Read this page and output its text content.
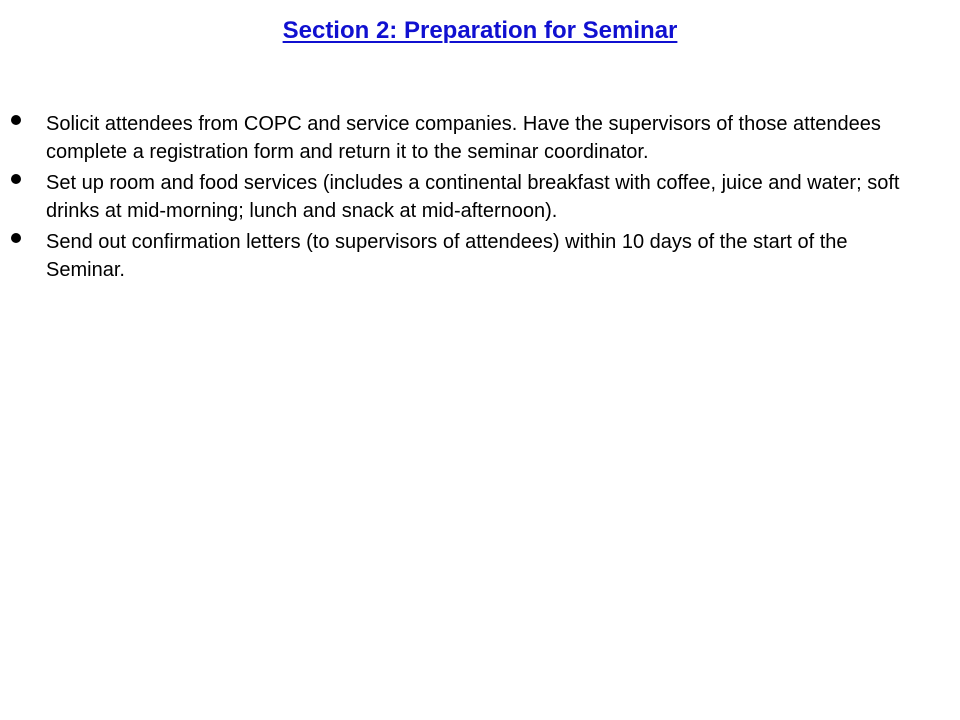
Section 2: Preparation for Seminar
Solicit attendees from COPC and service companies. Have the supervisors of those attendees complete a registration form and return it to the seminar coordinator.
Set up room and food services (includes a continental breakfast with coffee, juice and water; soft drinks at mid-morning; lunch and snack at mid-afternoon).
Send out confirmation letters (to supervisors of attendees) within 10 days of the start of the Seminar.
